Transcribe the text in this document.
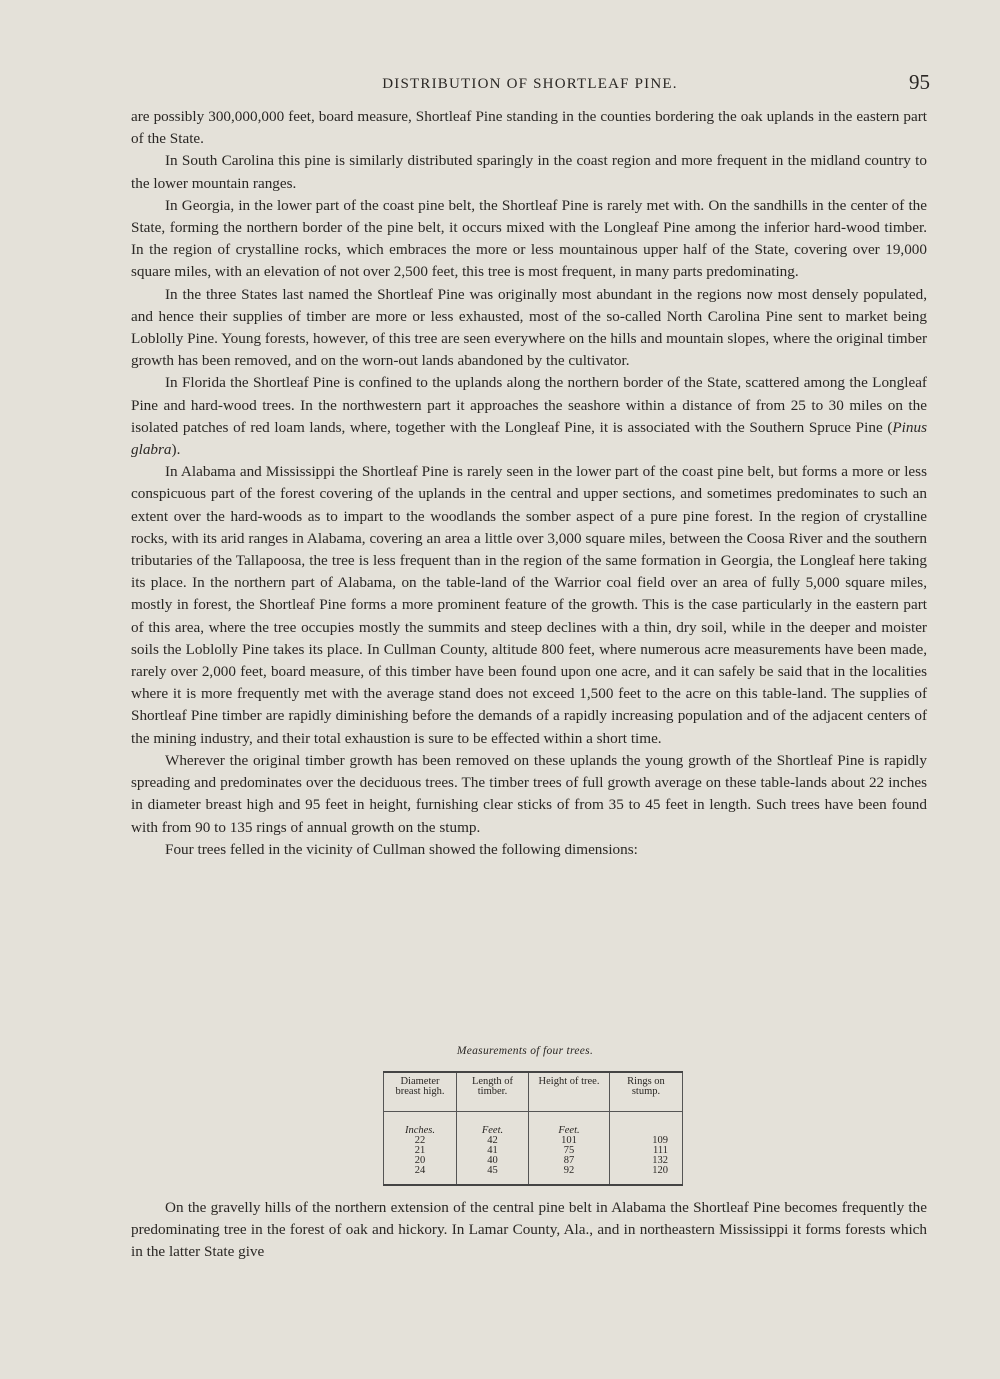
DISTRIBUTION OF SHORTLEAF PINE.	95

are possibly 300,000,000 feet, board measure, Shortleaf Pine standing in the counties bordering the oak uplands in the eastern part of the State.

In South Carolina this pine is similarly distributed sparingly in the coast region and more frequent in the midland country to the lower mountain ranges.

In Georgia, in the lower part of the coast pine belt, the Shortleaf Pine is rarely met with. On the sandhills in the center of the State, forming the northern border of the pine belt, it occurs mixed with the Longleaf Pine among the inferior hard-wood timber. In the region of crystalline rocks, which embraces the more or less mountainous upper half of the State, covering over 19,000 square miles, with an elevation of not over 2,500 feet, this tree is most frequent, in many parts predominating.

In the three States last named the Shortleaf Pine was originally most abundant in the regions now most densely populated, and hence their supplies of timber are more or less exhausted, most of the so-called North Carolina Pine sent to market being Loblolly Pine. Young forests, however, of this tree are seen everywhere on the hills and mountain slopes, where the original timber growth has been removed, and on the worn-out lands abandoned by the cultivator.

In Florida the Shortleaf Pine is confined to the uplands along the northern border of the State, scattered among the Longleaf Pine and hard-wood trees. In the northwestern part it approaches the seashore within a distance of from 25 to 30 miles on the isolated patches of red loam lands, where, together with the Longleaf Pine, it is associated with the Southern Spruce Pine (Pinus glabra).

In Alabama and Mississippi the Shortleaf Pine is rarely seen in the lower part of the coast pine belt, but forms a more or less conspicuous part of the forest covering of the uplands in the central and upper sections, and sometimes predominates to such an extent over the hard-woods as to impart to the woodlands the somber aspect of a pure pine forest. In the region of crystalline rocks, with its arid ranges in Alabama, covering an area a little over 3,000 square miles, between the Coosa River and the southern tributaries of the Tallapoosa, the tree is less frequent than in the region of the same formation in Georgia, the Longleaf here taking its place. In the northern part of Alabama, on the table-land of the Warrior coal field over an area of fully 5,000 square miles, mostly in forest, the Shortleaf Pine forms a more prominent feature of the growth. This is the case particularly in the eastern part of this area, where the tree occupies mostly the summits and steep declines with a thin, dry soil, while in the deeper and moister soils the Loblolly Pine takes its place. In Cullman County, altitude 800 feet, where numerous acre measurements have been made, rarely over 2,000 feet, board measure, of this timber have been found upon one acre, and it can safely be said that in the localities where it is more frequently met with the average stand does not exceed 1,500 feet to the acre on this table-land. The supplies of Shortleaf Pine timber are rapidly diminishing before the demands of a rapidly increasing population and of the adjacent centers of the mining industry, and their total exhaustion is sure to be effected within a short time.

Wherever the original timber growth has been removed on these uplands the young growth of the Shortleaf Pine is rapidly spreading and predominates over the deciduous trees. The timber trees of full growth average on these table-lands about 22 inches in diameter breast high and 95 feet in height, furnishing clear sticks of from 35 to 45 feet in length. Such trees have been found with from 90 to 135 rings of annual growth on the stump.

Four trees felled in the vicinity of Cullman showed the following dimensions:

Measurements of four trees.
Diameter breast high.	Length of timber.	Height of tree.	Rings on stump.
Inches.	Feet.	Feet.	
22	42	101	109
21	41	75	111
20	40	87	132
24	45	92	120

On the gravelly hills of the northern extension of the central pine belt in Alabama the Shortleaf Pine becomes frequently the predominating tree in the forest of oak and hickory. In Lamar County, Ala., and in northeastern Mississippi it forms forests which in the latter State give
